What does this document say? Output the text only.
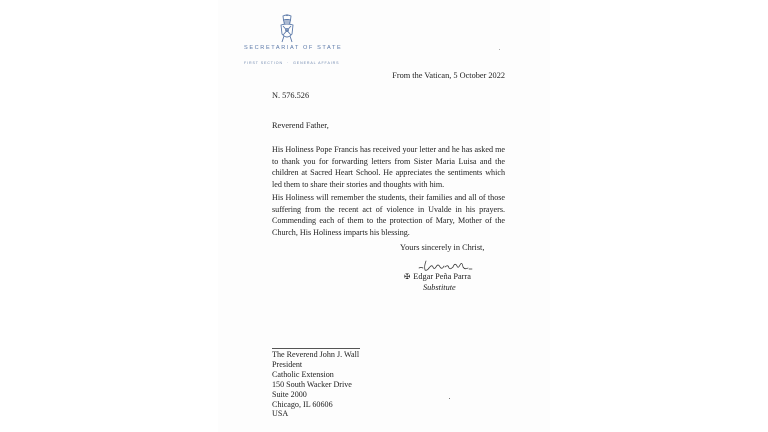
SECRETARIAT OF STATE
FIRST SECTION · GENERAL AFFAIRS
From the Vatican, 5 October 2022
N. 576.526
Reverend Father,
His Holiness Pope Francis has received your letter and he has asked me to thank you for forwarding letters from Sister Maria Luisa and the children at Sacred Heart School. He appreciates the sentiments which led them to share their stories and thoughts with him.
His Holiness will remember the students, their families and all of those suffering from the recent act of violence in Uvalde in his prayers. Commending each of them to the protection of Mary, Mother of the Church, His Holiness imparts his blessing.
Yours sincerely in Christ,
✠ Edgar Peña Parra
Substitute
The Reverend John J. Wall
President
Catholic Extension
150 South Wacker Drive
Suite 2000
Chicago, IL 60606
USA
